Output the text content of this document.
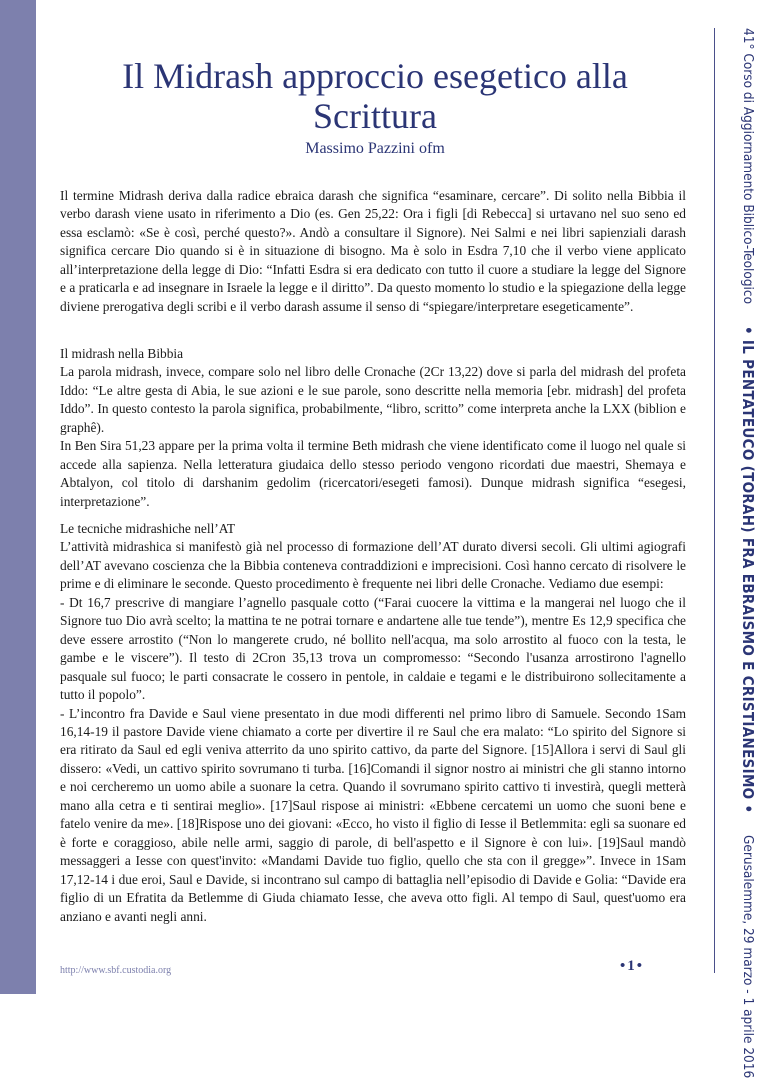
41° Corso di Aggiornamento Biblico-Teologico • IL PENTATEUCO (TORAH) FRA EBRAISMO E CRISTIANESIMO • Gerusalemme, 29 marzo - 1 aprile 2016
Il Midrash approccio esegetico alla Scrittura
Massimo Pazzini ofm

Il termine Midrash deriva dalla radice ebraica darash che significa “esaminare, cercare”. Di solito nella Bibbia il verbo darash viene usato in riferimento a Dio (es. Gen 25,22: Ora i figli [di Rebecca] si urtavano nel suo seno ed essa esclamò: «Se è così, perché questo?». Andò a consultare il Signore). Nei Salmi e nei libri sapienziali darash significa cercare Dio quando si è in situazione di bisogno. Ma è solo in Esdra 7,10 che il verbo viene applicato all’interpretazione della legge di Dio: “Infatti Esdra si era dedicato con tutto il cuore a studiare la legge del Signore e a praticarla e ad insegnare in Israele la legge e il diritto”. Da questo momento lo studio e la spiegazione della legge diviene prerogativa degli scribi e il verbo darash assume il senso di “spiegare/interpretare esegeticamente”.

Il midrash nella Bibbia
La parola midrash, invece, compare solo nel libro delle Cronache (2Cr 13,22) dove si parla del midrash del profeta Iddo: “Le altre gesta di Abia, le sue azioni e le sue parole, sono descritte nella memoria [ebr. midrash] del profeta Iddo”. In questo contesto la parola significa, probabilmente, “libro, scritto” come interpreta anche la LXX (biblion e graphê).
In Ben Sira 51,23 appare per la prima volta il termine Beth midrash che viene identificato come il luogo nel quale si accede alla sapienza. Nella letteratura giudaica dello stesso periodo vengono ricordati due maestri, Shemaya e Abtalyon, col titolo di darshanim gedolim (ricercatori/esegeti famosi). Dunque midrash significa “esegesi, interpretazione”.

Le tecniche midrashiche nell’AT
L’attività midrashica si manifestò già nel processo di formazione dell’AT durato diversi secoli. Gli ultimi agiografi dell’AT avevano coscienza che la Bibbia conteneva contraddizioni e imprecisioni. Così hanno cercato di risolvere le prime e di eliminare le seconde. Questo procedimento è frequente nei libri delle Cronache. Vediamo due esempi:
- Dt 16,7 prescrive di mangiare l’agnello pasquale cotto (“Farai cuocere la vittima e la mangerai nel luogo che il Signore tuo Dio avrà scelto; la mattina te ne potrai tornare e andartene alle tue tende”), mentre Es 12,9 specifica che deve essere arrostito (“Non lo mangerete crudo, né bollito nell'acqua, ma solo arrostito al fuoco con la testa, le gambe e le viscere”). Il testo di 2Cron 35,13 trova un compromesso: “Secondo l'usanza arrostirono l'agnello pasquale sul fuoco; le parti consacrate le cossero in pentole, in caldaie e tegami e le distribuirono sollecitamente a tutto il popolo”.
- L’incontro fra Davide e Saul viene presentato in due modi differenti nel primo libro di Samuele. Secondo 1Sam 16,14-19 il pastore Davide viene chiamato a corte per divertire il re Saul che era malato: “Lo spirito del Signore si era ritirato da Saul ed egli veniva atterrito da uno spirito cattivo, da parte del Signore. [15]Allora i servi di Saul gli dissero: «Vedi, un cattivo spirito sovrumano ti turba. [16]Comandi il signor nostro ai ministri che gli stanno intorno e noi cercheremo un uomo abile a suonare la cetra. Quando il sovrumano spirito cattivo ti investirà, quegli metterà mano alla cetra e ti sentirai meglio». [17]Saul rispose ai ministri: «Ebbene cercatemi un uomo che suoni bene e fatelo venire da me». [18]Rispose uno dei giovani: «Ecco, ho visto il figlio di Iesse il Betlemmita: egli sa suonare ed è forte e coraggioso, abile nelle armi, saggio di parole, di bell'aspetto e il Signore è con lui». [19]Saul mandò messaggeri a Iesse con quest'invito: «Mandami Davide tuo figlio, quello che sta con il gregge»”. Invece in 1Sam 17,12-14 i due eroi, Saul e Davide, si incontrano sul campo di battaglia nell’episodio di Davide e Golia: “Davide era figlio di un Efratita da Betlemme di Giuda chiamato Iesse, che aveva otto figli. Al tempo di Saul, quest'uomo era anziano e avanti negli anni.

http://www.sbf.custodia.org	•1•
